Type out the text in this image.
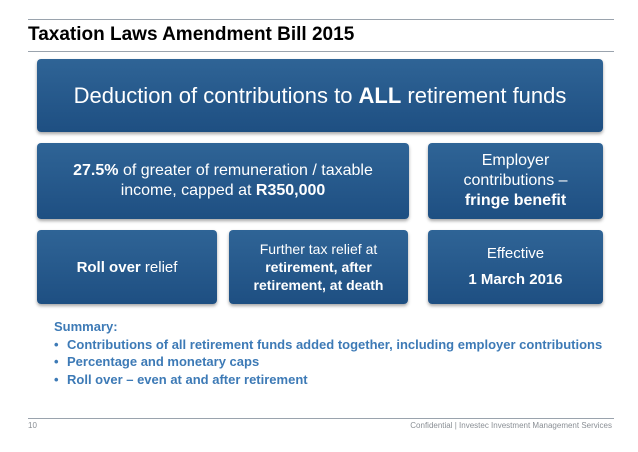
Taxation Laws Amendment Bill 2015
Deduction of contributions to ALL retirement funds
27.5% of greater of remuneration / taxable income, capped at R350,000
Employer contributions –
fringe benefit
Roll over relief
Further tax relief at
retirement, after retirement, at death
Effective
1 March 2016
Summary:
• Contributions of all retirement funds added together, including employer contributions
• Percentage and monetary caps
• Roll over – even at and after retirement
10	Confidential | Investec Investment Management Services
